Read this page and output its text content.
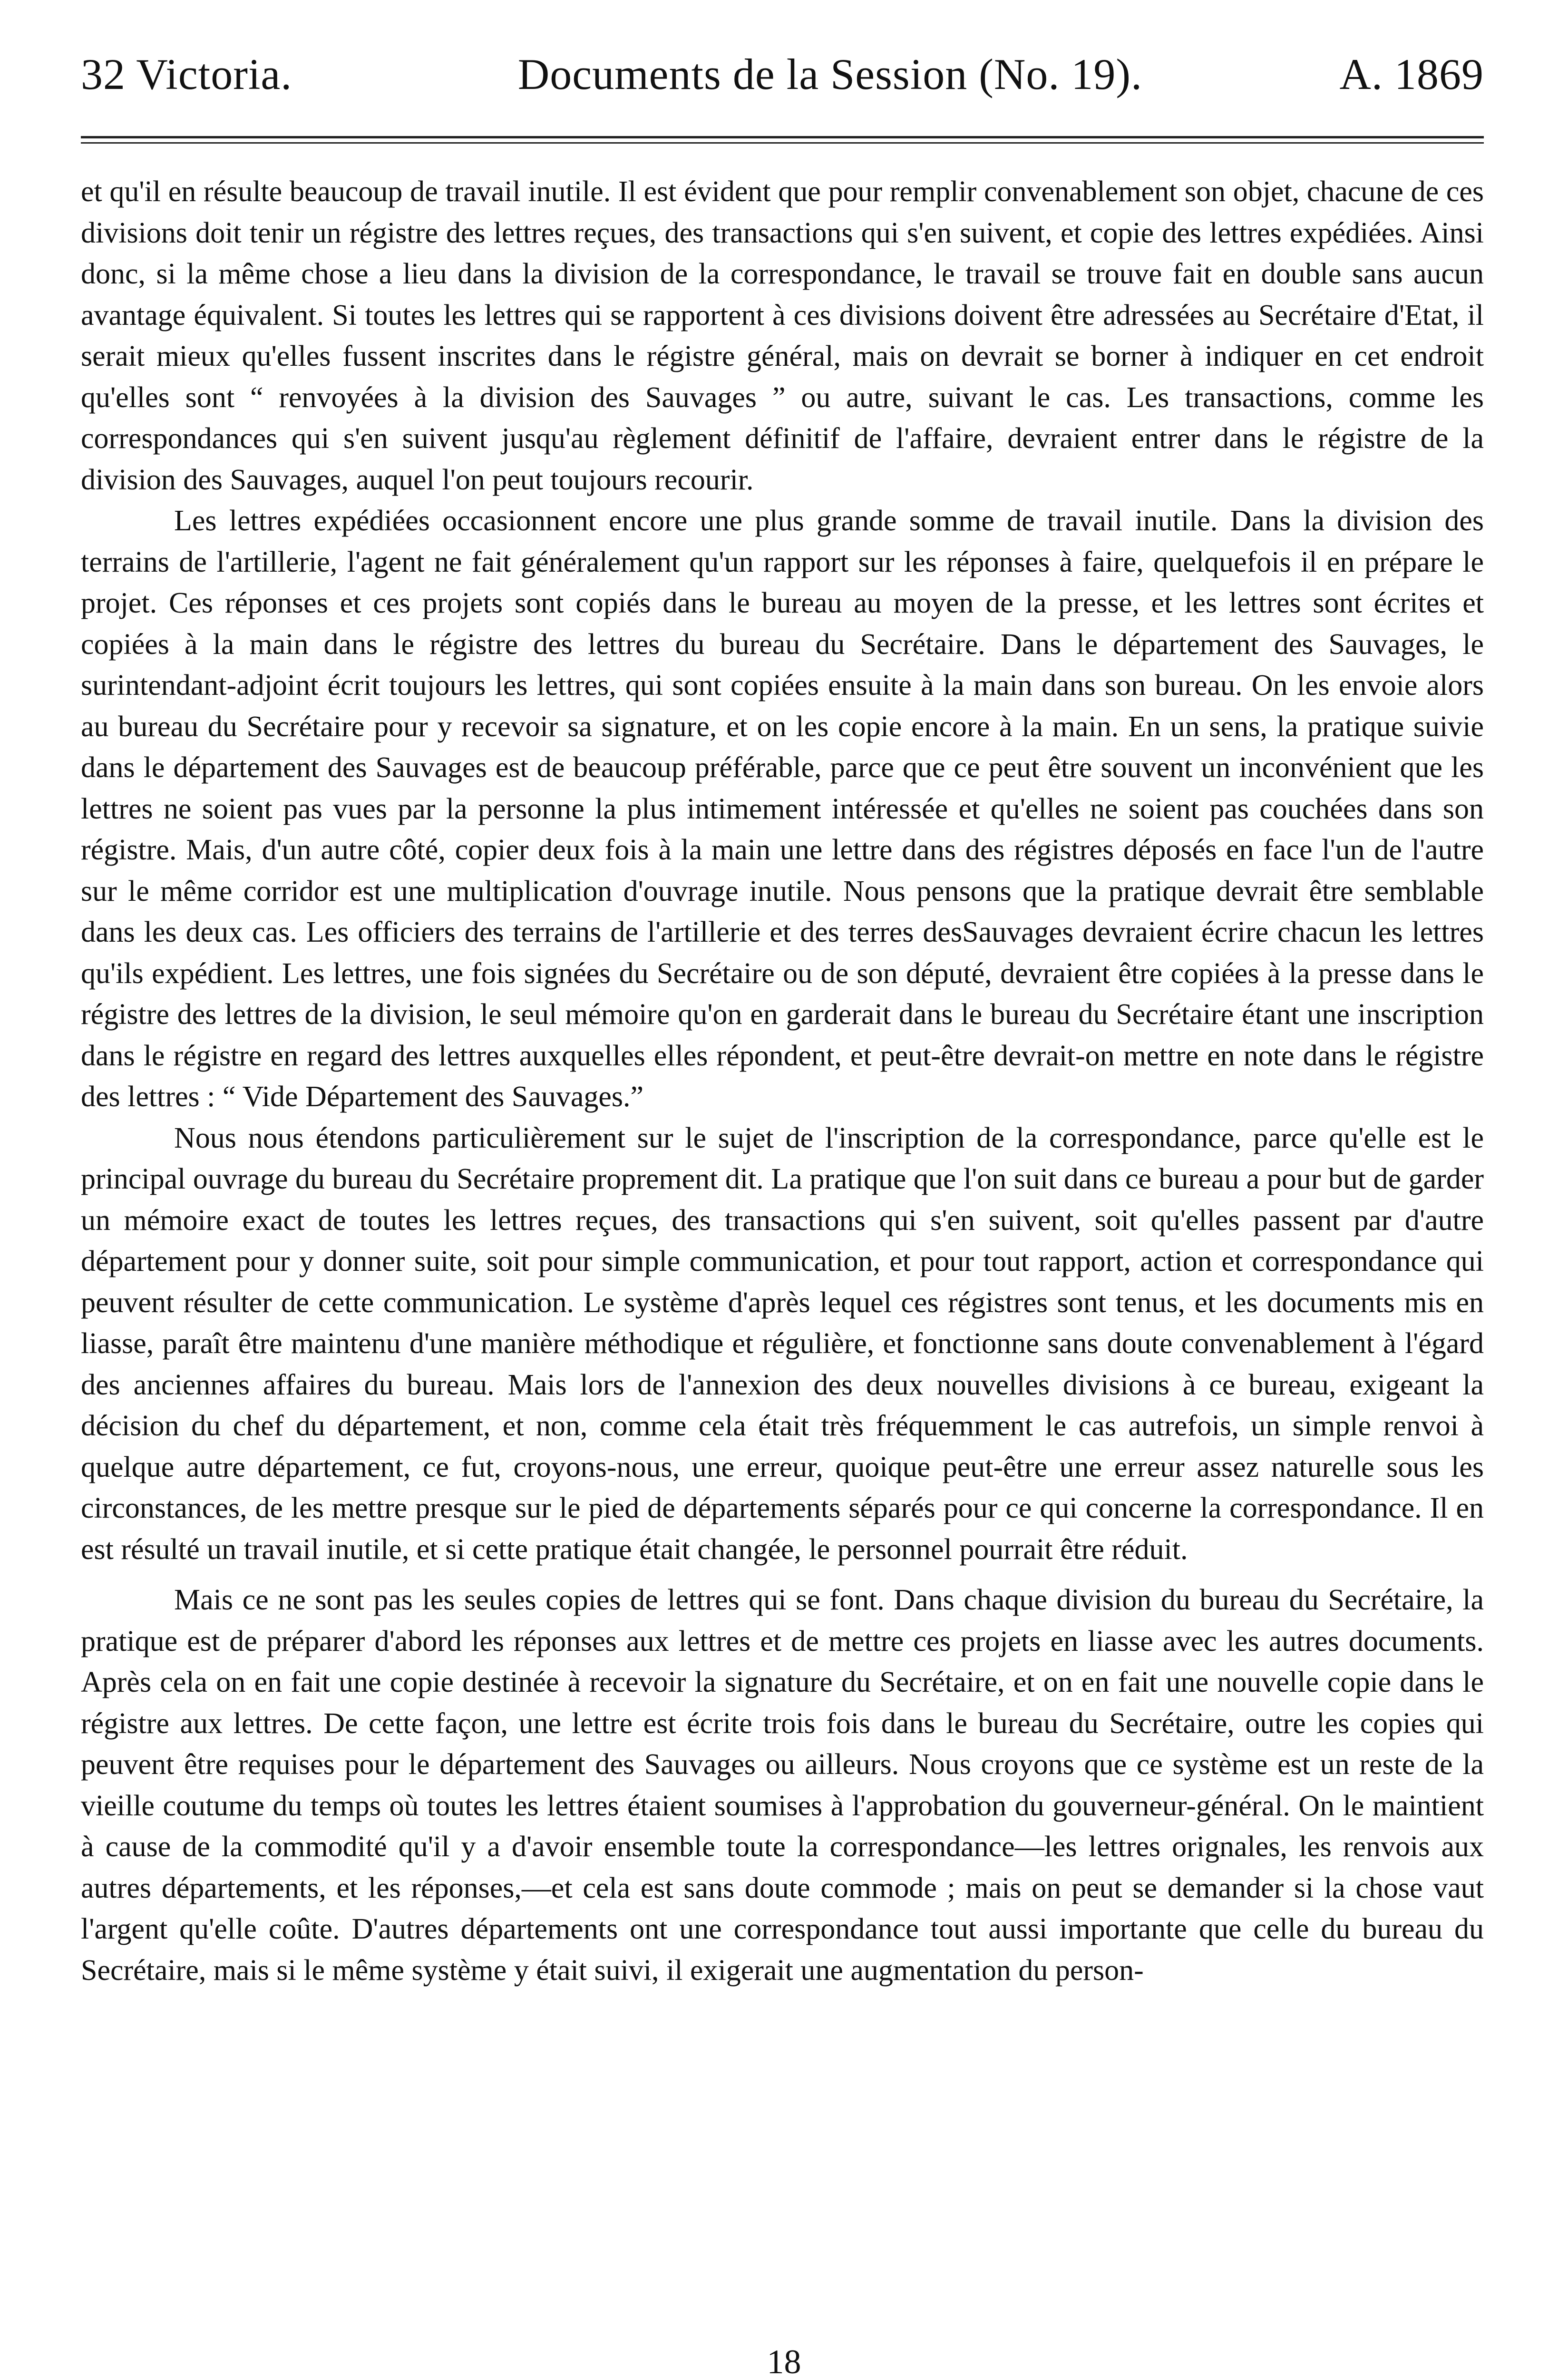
32 Victoria.	Documents de la Session (No. 19).	A. 1869

et qu'il en résulte beaucoup de travail inutile. Il est évident que pour remplir convenablement son objet, chacune de ces divisions doit tenir un régistre des lettres reçues, des transactions qui s'en suivent, et copie des lettres expédiées. Ainsi donc, si la même chose a lieu dans la division de la correspondance, le travail se trouve fait en double sans aucun avantage équivalent. Si toutes les lettres qui se rapportent à ces divisions doivent être adressées au Secrétaire d'Etat, il serait mieux qu'elles fussent inscrites dans le régistre général, mais on devrait se borner à indiquer en cet endroit qu'elles sont “ renvoyées à la division des Sauvages ” ou autre, suivant le cas. Les transactions, comme les correspondances qui s'en suivent jusqu'au règlement définitif de l'affaire, devraient entrer dans le régistre de la division des Sauvages, auquel l'on peut toujours recourir.

Les lettres expédiées occasionnent encore une plus grande somme de travail inutile. Dans la division des terrains de l'artillerie, l'agent ne fait généralement qu'un rapport sur les réponses à faire, quelquefois il en prépare le projet. Ces réponses et ces projets sont copiés dans le bureau au moyen de la presse, et les lettres sont écrites et copiées à la main dans le régistre des lettres du bureau du Secrétaire. Dans le département des Sauvages, le surintendant-adjoint écrit toujours les lettres, qui sont copiées ensuite à la main dans son bureau. On les envoie alors au bureau du Secrétaire pour y recevoir sa signature, et on les copie encore à la main. En un sens, la pratique suivie dans le département des Sauvages est de beaucoup préférable, parce que ce peut être souvent un inconvénient que les lettres ne soient pas vues par la personne la plus intimement intéressée et qu'elles ne soient pas couchées dans son régistre. Mais, d'un autre côté, copier deux fois à la main une lettre dans des régistres déposés en face l'un de l'autre sur le même corridor est une multiplication d'ouvrage inutile. Nous pensons que la pratique devrait être semblable dans les deux cas. Les officiers des terrains de l'artillerie et des terres desSauvages devraient écrire chacun les lettres qu'ils expédient. Les lettres, une fois signées du Secrétaire ou de son député, devraient être copiées à la presse dans le régistre des lettres de la division, le seul mémoire qu'on en garderait dans le bureau du Secrétaire étant une inscription dans le régistre en regard des lettres auxquelles elles répondent, et peut-être devrait-on mettre en note dans le régistre des lettres : “ Vide Département des Sauvages.”

Nous nous étendons particulièrement sur le sujet de l'inscription de la correspondance, parce qu'elle est le principal ouvrage du bureau du Secrétaire proprement dit. La pratique que l'on suit dans ce bureau a pour but de garder un mémoire exact de toutes les lettres reçues, des transactions qui s'en suivent, soit qu'elles passent par d'autre département pour y donner suite, soit pour simple communication, et pour tout rapport, action et correspondance qui peuvent résulter de cette communication. Le système d'après lequel ces régistres sont tenus, et les documents mis en liasse, paraît être maintenu d'une manière méthodique et régulière, et fonctionne sans doute convenablement à l'égard des anciennes affaires du bureau. Mais lors de l'annexion des deux nouvelles divisions à ce bureau, exigeant la décision du chef du département, et non, comme cela était très fréquemment le cas autrefois, un simple renvoi à quelque autre département, ce fut, croyons-nous, une erreur, quoique peut-être une erreur assez naturelle sous les circonstances, de les mettre presque sur le pied de départements séparés pour ce qui concerne la correspondance. Il en est résulté un travail inutile, et si cette pratique était changée, le personnel pourrait être réduit.

Mais ce ne sont pas les seules copies de lettres qui se font. Dans chaque division du bureau du Secrétaire, la pratique est de préparer d'abord les réponses aux lettres et de mettre ces projets en liasse avec les autres documents. Après cela on en fait une copie destinée à recevoir la signature du Secrétaire, et on en fait une nouvelle copie dans le régistre aux lettres. De cette façon, une lettre est écrite trois fois dans le bureau du Secrétaire, outre les copies qui peuvent être requises pour le département des Sauvages ou ailleurs. Nous croyons que ce système est un reste de la vieille coutume du temps où toutes les lettres étaient soumises à l'approbation du gouverneur-général. On le maintient à cause de la commodité qu'il y a d'avoir ensemble toute la correspondance—les lettres orignales, les renvois aux autres départements, et les réponses,—et cela est sans doute commode ; mais on peut se demander si la chose vaut l'argent qu'elle coûte. D'autres départements ont une correspondance tout aussi importante que celle du bureau du Secrétaire, mais si le même système y était suivi, il exigerait une augmentation du person-

18
